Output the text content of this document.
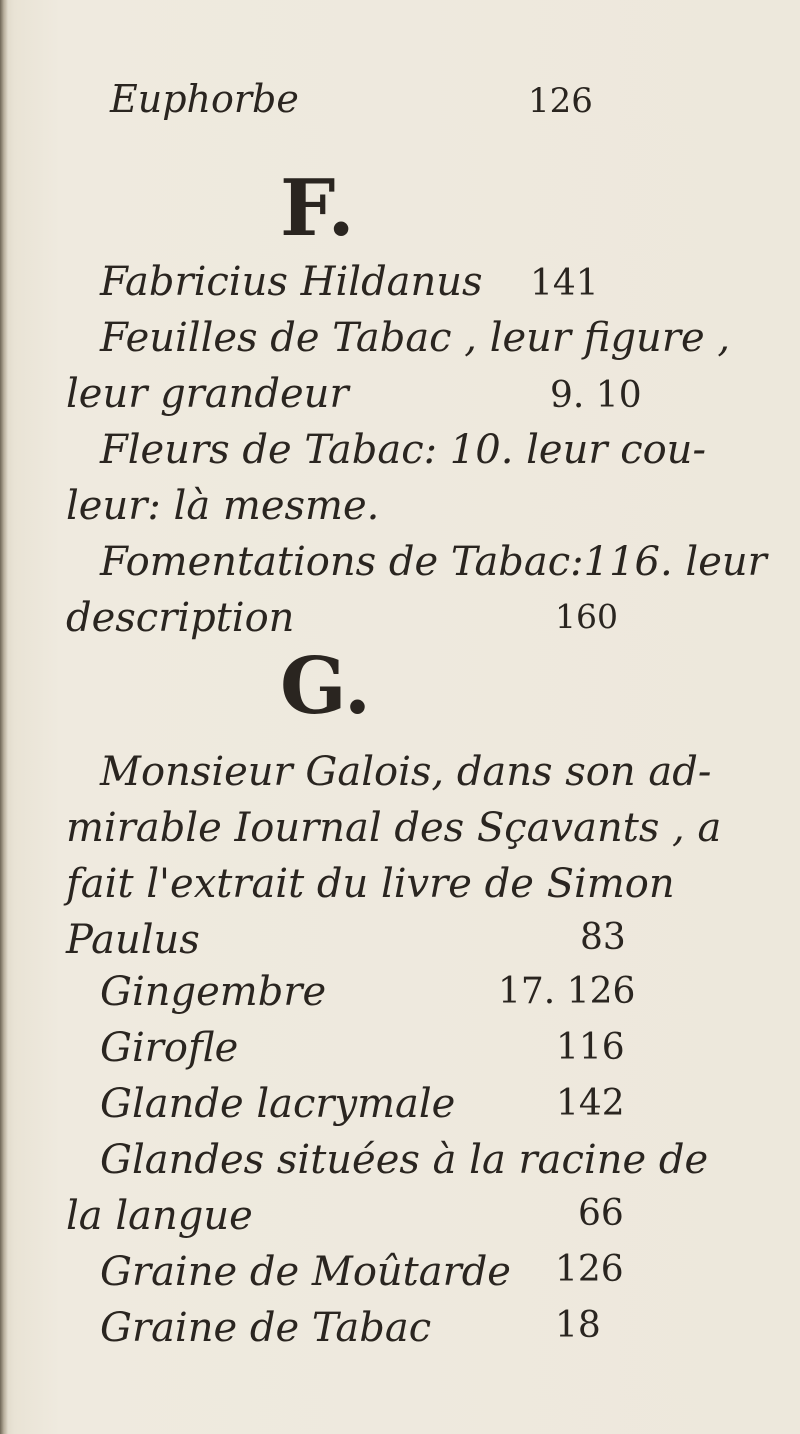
Euphorbe	126
F.
Fabricius Hildanus 141
Feuilles de Tabac , leur figure ,
leur grandeur	9. 10
Fleurs de Tabac: 10. leur cou-
leur: là mesme.
Fomentations de Tabac:116. leur
description	160
G.
Monsieur Galois, dans son ad-
mirable Iournal des Sçavants , a
fait l'extrait du livre de Simon
Paulus	83
Gingembre	17. 126
Girofle	116
Glande lacrymale	142
Glandes situées à la racine de
la langue	66
Graine de Moûtarde 126
Graine de Tabac	18
